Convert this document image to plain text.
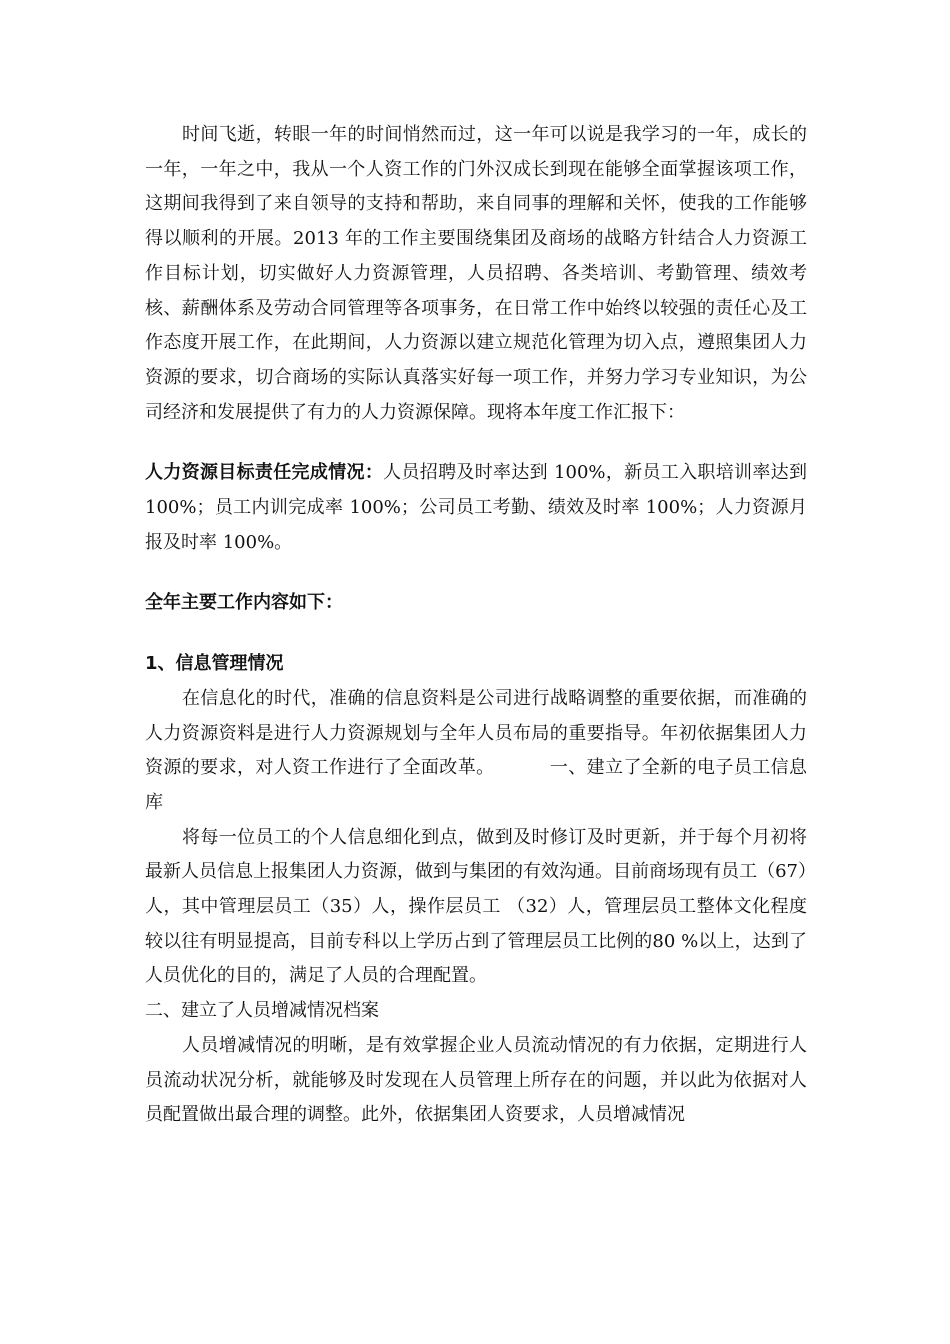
时间飞逝，转眼一年的时间悄然而过，这一年可以说是我学习的一年，成长的一年，一年之中，我从一个人资工作的门外汉成长到现在能够全面掌握该项工作，这期间我得到了来自领导的支持和帮助，来自同事的理解和关怀，使我的工作能够得以顺利的开展。2013 年的工作主要围绕集团及商场的战略方针结合人力资源工作目标计划，切实做好人力资源管理，人员招聘、各类培训、考勤管理、绩效考核、薪酬体系及劳动合同管理等各项事务，在日常工作中始终以较强的责任心及工作态度开展工作，在此期间，人力资源以建立规范化管理为切入点，遵照集团人力资源的要求，切合商场的实际认真落实好每一项工作，并努力学习专业知识，为公司经济和发展提供了有力的人力资源保障。现将本年度工作汇报下：

人力资源目标责任完成情况：人员招聘及时率达到 100%，新员工入职培训率达到 100%；员工内训完成率 100%；公司员工考勤、绩效及时率 100%；人力资源月报及时率 100%。

全年主要工作内容如下：

1、信息管理情况

在信息化的时代，准确的信息资料是公司进行战略调整的重要依据，而准确的人力资源资料是进行人力资源规划与全年人员布局的重要指导。年初依据集团人力资源的要求，对人资工作进行了全面改革。	一、建立了全新的电子员工信息库

将每一位员工的个人信息细化到点，做到及时修订及时更新，并于每个月初将最新人员信息上报集团人力资源，做到与集团的有效沟通。目前商场现有员工（67）人，其中管理层员工（35）人，操作层员工 （32）人，管理层员工整体文化程度较以往有明显提高，目前专科以上学历占到了管理层员工比例的80 %以上，达到了人员优化的目的，满足了人员的合理配置。

二、建立了人员增减情况档案

人员增减情况的明晰，是有效掌握企业人员流动情况的有力依据，定期进行人员流动状况分析，就能够及时发现在人员管理上所存在的问题，并以此为依据对人员配置做出最合理的调整。此外，依据集团人资要求，人员增减情况
